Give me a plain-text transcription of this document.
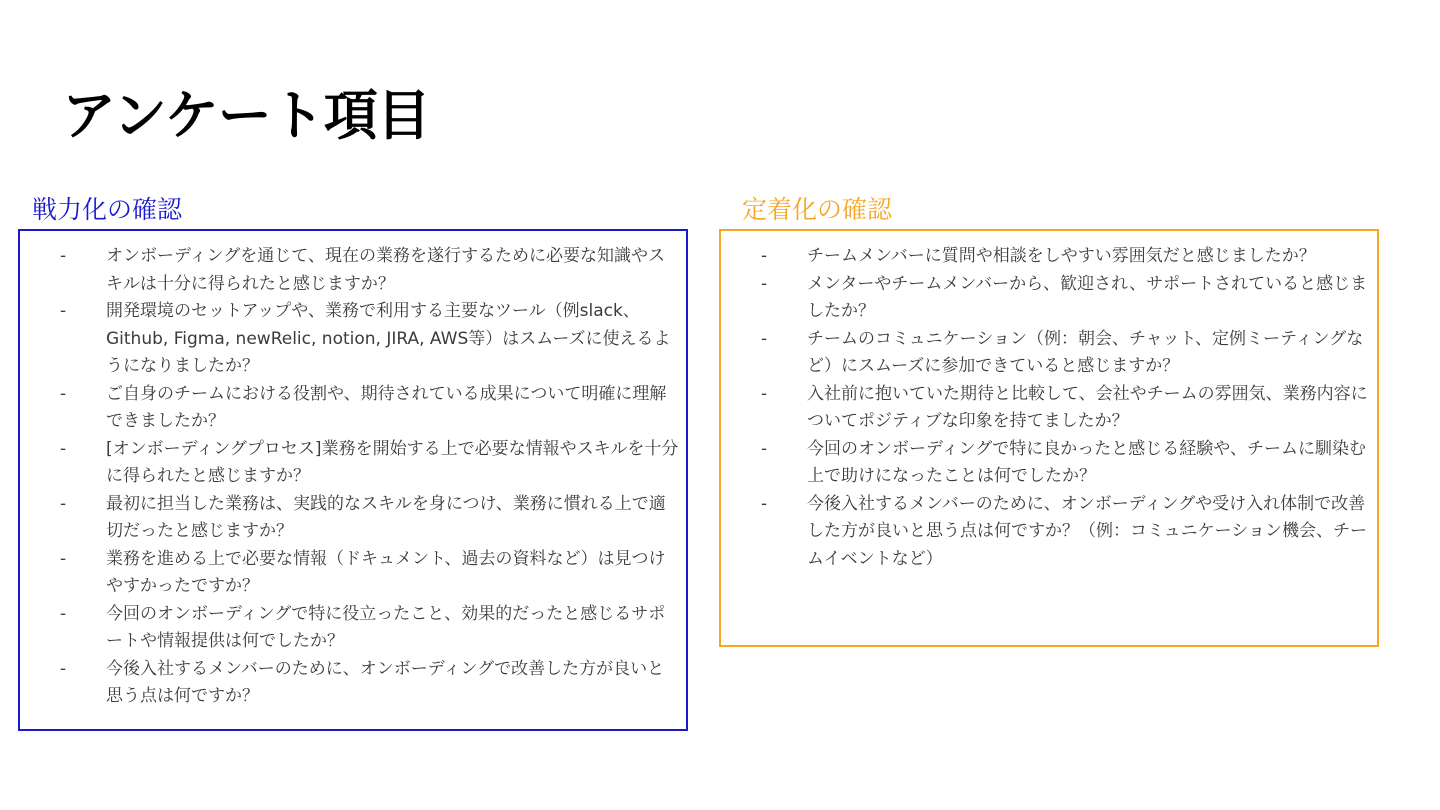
アンケート項目
戦力化の確認
-	オンボーディングを通じて、現在の業務を遂行するために必要な知識やスキルは十分に得られたと感じますか？
-	開発環境のセットアップや、業務で利用する主要なツール（例slack、Github, Figma, newRelic, notion, JIRA, AWS等）はスムーズに使えるようになりましたか？
-	ご自身のチームにおける役割や、期待されている成果について明確に理解できましたか？
-	[オンボーディングプロセス]業務を開始する上で必要な情報やスキルを十分に得られたと感じますか？
-	最初に担当した業務は、実践的なスキルを身につけ、業務に慣れる上で適切だったと感じますか？
-	業務を進める上で必要な情報（ドキュメント、過去の資料など）は見つけやすかったですか？
-	今回のオンボーディングで特に役立ったこと、効果的だったと感じるサポートや情報提供は何でしたか？
-	今後入社するメンバーのために、オンボーディングで改善した方が良いと思う点は何ですか？
定着化の確認
-	チームメンバーに質問や相談をしやすい雰囲気だと感じましたか？
-	メンターやチームメンバーから、歓迎され、サポートされていると感じましたか？
-	チームのコミュニケーション（例：朝会、チャット、定例ミーティングなど）にスムーズに参加できていると感じますか？
-	入社前に抱いていた期待と比較して、会社やチームの雰囲気、業務内容についてポジティブな印象を持てましたか？
-	今回のオンボーディングで特に良かったと感じる経験や、チームに馴染む上で助けになったことは何でしたか？
-	今後入社するメンバーのために、オンボーディングや受け入れ体制で改善した方が良いと思う点は何ですか？（例：コミュニケーション機会、チームイベントなど）
